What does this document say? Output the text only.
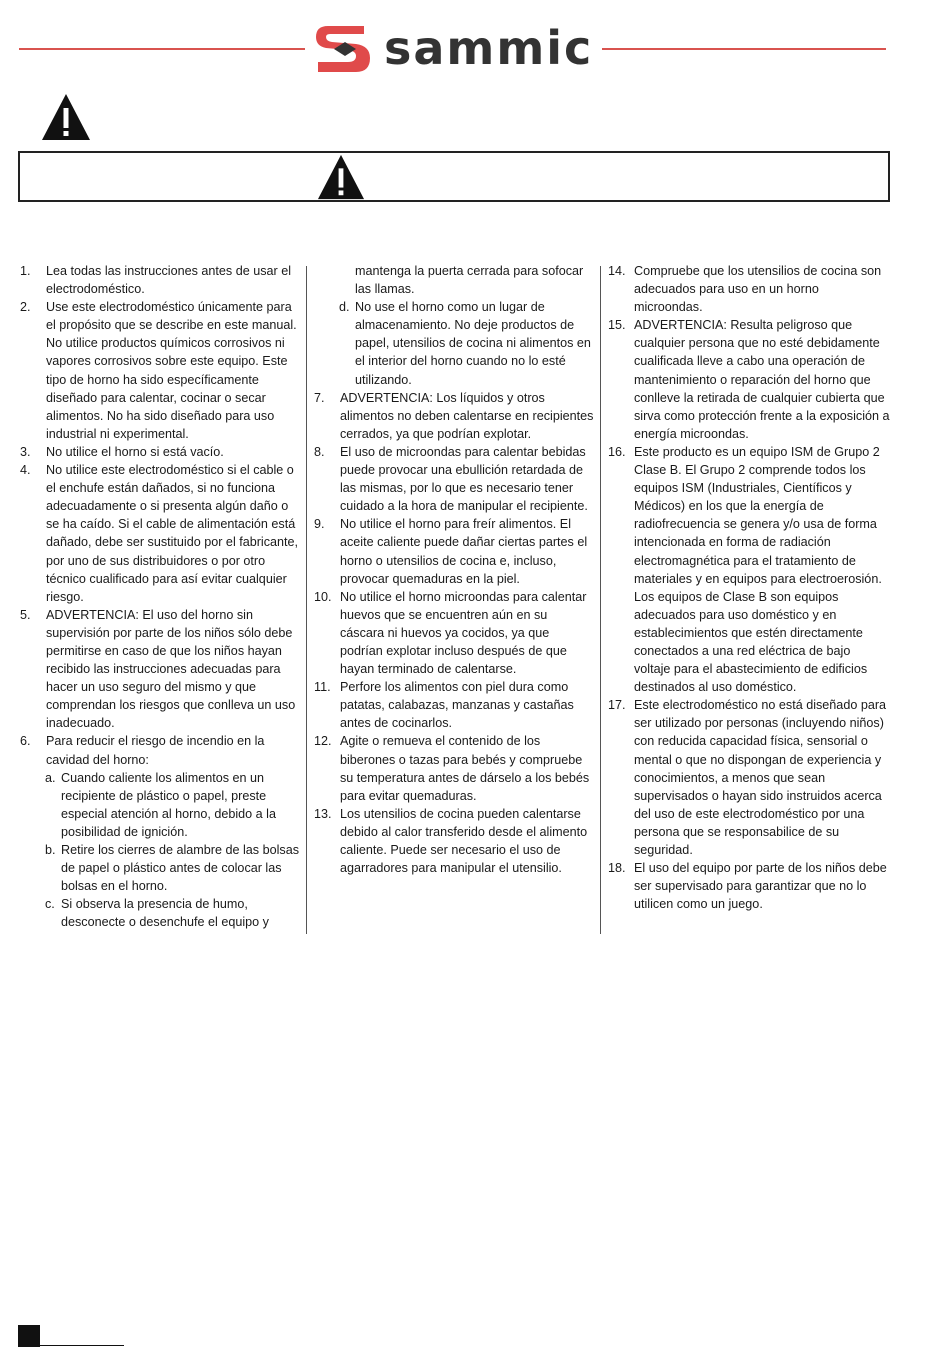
sammic
1.	Lea todas las instrucciones antes de usar el electrodoméstico.
2.	Use este electrodoméstico únicamente para el propósito que se describe en este manual. No utilice productos químicos corrosivos ni vapores corrosivos sobre este equipo. Este tipo de horno ha sido específicamente diseñado para calentar, cocinar o secar alimentos. No ha sido diseñado para uso industrial ni experimental.
3.	No utilice el horno si está vacío.
4.	No utilice este electrodoméstico si el cable o el enchufe están dañados, si no funciona adecuadamente o si presenta algún daño o se ha caído. Si el cable de alimentación está dañado, debe ser sustituido por el fabricante, por uno de sus distribuidores o por otro técnico cualificado para así evitar cualquier riesgo.
5.	ADVERTENCIA: El uso del horno sin supervisión por parte de los niños sólo debe permitirse en caso de que los niños hayan recibido las instrucciones adecuadas para hacer un uso seguro del mismo y que comprendan los riesgos que conlleva un uso inadecuado.
6.	Para reducir el riesgo de incendio en la cavidad del horno:
a. Cuando caliente los alimentos en un recipiente de plástico o papel, preste especial atención al horno, debido a la posibilidad de ignición.
b. Retire los cierres de alambre de las bolsas de papel o plástico antes de colocar las bolsas en el horno.
c. Si observa la presencia de humo, desconecte o desenchufe el equipo y
mantenga la puerta cerrada para sofocar las llamas.
d. No use el horno como un lugar de almacenamiento. No deje productos de papel, utensilios de cocina ni alimentos en el interior del horno cuando no lo esté utilizando.
7.	ADVERTENCIA: Los líquidos y otros alimentos no deben calentarse en recipientes cerrados, ya que podrían explotar.
8.	El uso de microondas para calentar bebidas puede provocar una ebullición retardada de las mismas, por lo que es necesario tener cuidado a la hora de manipular el recipiente.
9.	No utilice el horno para freír alimentos. El aceite caliente puede dañar ciertas partes el horno o utensilios de cocina e, incluso, provocar quemaduras en la piel.
10. No utilice el horno microondas para calentar huevos que se encuentren aún en su cáscara ni huevos ya cocidos, ya que podrían explotar incluso después de que hayan terminado de calentarse.
11. Perfore los alimentos con piel dura como patatas, calabazas, manzanas y castañas antes de cocinarlos.
12. Agite o remueva el contenido de los biberones o tazas para bebés y compruebe su temperatura antes de dárselo a los bebés para evitar quemaduras.
13. Los utensilios de cocina pueden calentarse debido al calor transferido desde el alimento caliente. Puede ser necesario el uso de agarradores para manipular el utensilio.
14. Compruebe que los utensilios de cocina son adecuados para uso en un horno microondas.
15. ADVERTENCIA: Resulta peligroso que cualquier persona que no esté debidamente cualificada lleve a cabo una operación de mantenimiento o reparación del horno que conlleve la retirada de cualquier cubierta que sirva como protección frente a la exposición a energía microondas.
16. Este producto es un equipo ISM de Grupo 2 Clase B. El Grupo 2 comprende todos los equipos ISM (Industriales, Científicos y Médicos) en los que la energía de radiofrecuencia se genera y/o usa de forma intencionada en forma de radiación electromagnética para el tratamiento de materiales y en equipos para electroerosión. Los equipos de Clase B son equipos adecuados para uso doméstico y en establecimientos que estén directamente conectados a una red eléctrica de bajo voltaje para el abastecimiento de edificios destinados al uso doméstico.
17. Este electrodoméstico no está diseñado para ser utilizado por personas (incluyendo niños) con reducida capacidad física, sensorial o mental o que no dispongan de experiencia y conocimientos, a menos que sean supervisados o hayan sido instruidos acerca del uso de este electrodoméstico por una persona que se responsabilice de su seguridad.
18. El uso del equipo por parte de los niños debe ser supervisado para garantizar que no lo utilicen como un juego.
